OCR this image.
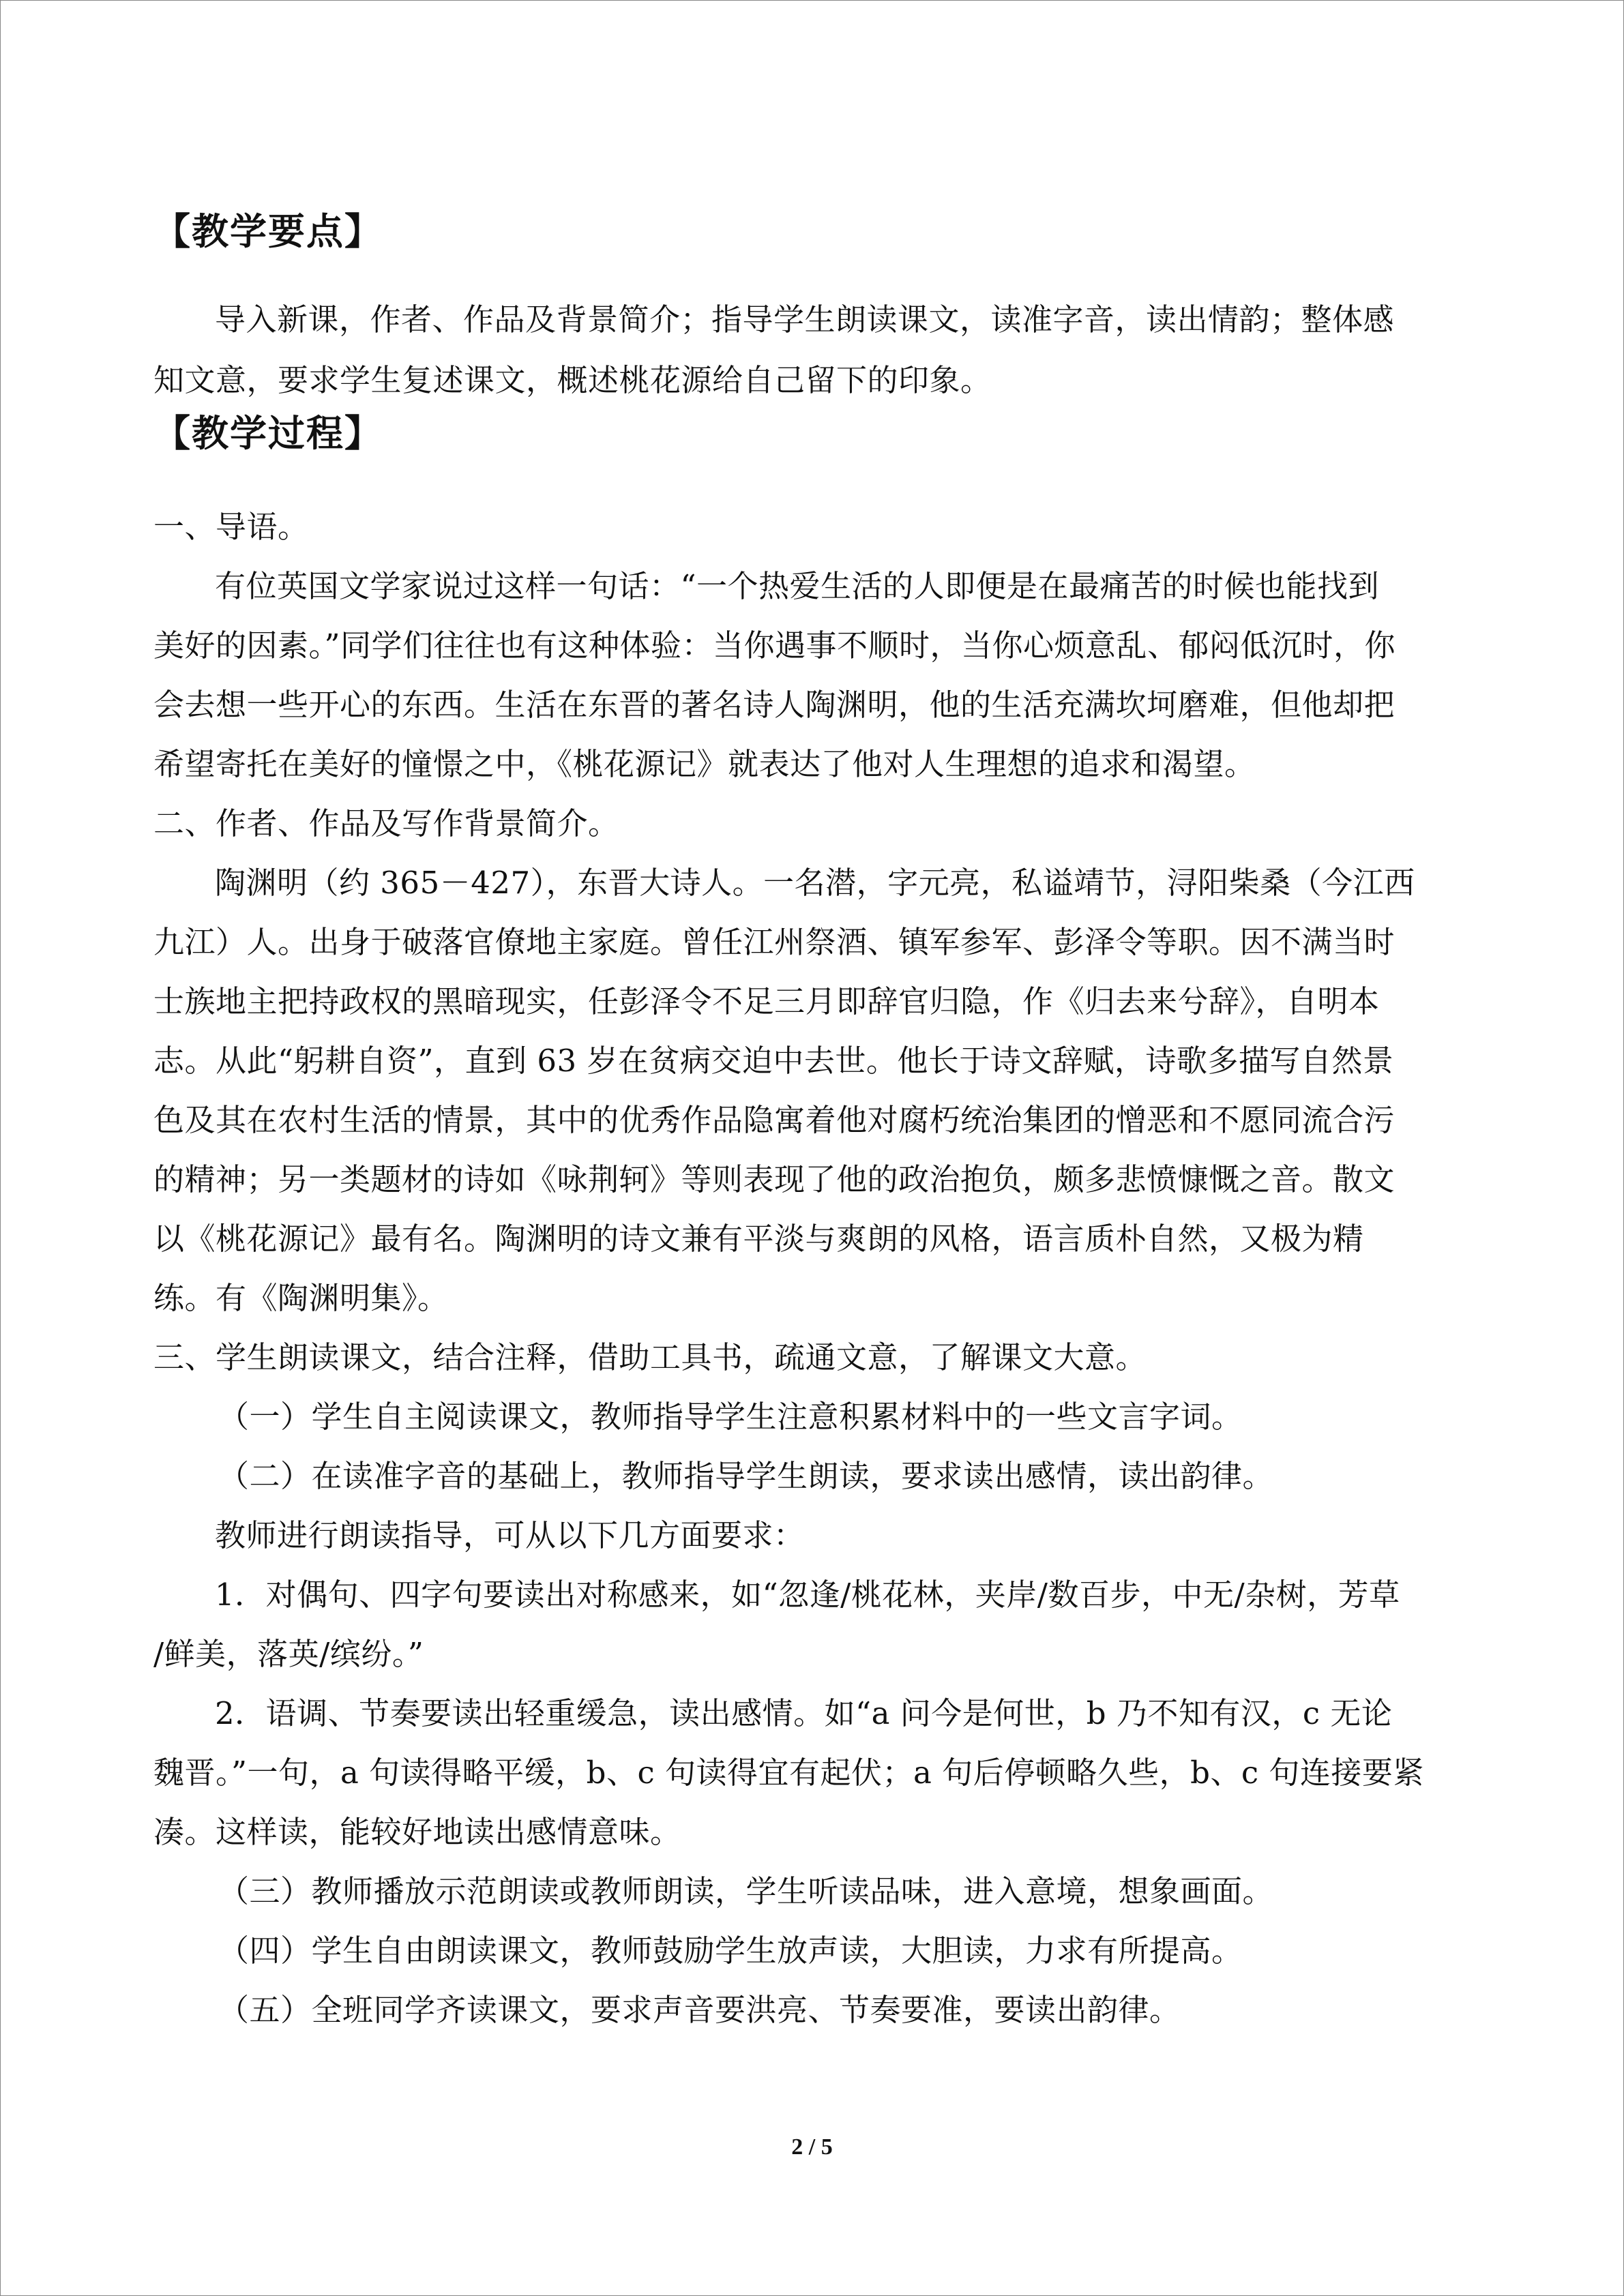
【教学要点】
导入新课，作者、作品及背景简介；指导学生朗读课文，读准字音，读出情韵；整体感
知文意，要求学生复述课文，概述桃花源给自己留下的印象。
【教学过程】
一、导语。
有位英国文学家说过这样一句话：“一个热爱生活的人即便是在最痛苦的时候也能找到
美好的因素。”同学们往往也有这种体验：当你遇事不顺时，当你心烦意乱、郁闷低沉时，你
会去想一些开心的东西。生活在东晋的著名诗人陶渊明，他的生活充满坎坷磨难，但他却把
希望寄托在美好的憧憬之中，《桃花源记》就表达了他对人生理想的追求和渴望。
二、作者、作品及写作背景简介。
陶渊明（约 365－427），东晋大诗人。一名潜，字元亮，私谥靖节，浔阳柴桑（今江西
九江）人。出身于破落官僚地主家庭。曾任江州祭酒、镇军参军、彭泽令等职。因不满当时
士族地主把持政权的黑暗现实，任彭泽令不足三月即辞官归隐，作《归去来兮辞》，自明本
志。从此“躬耕自资”，直到 63 岁在贫病交迫中去世。他长于诗文辞赋，诗歌多描写自然景
色及其在农村生活的情景，其中的优秀作品隐寓着他对腐朽统治集团的憎恶和不愿同流合污
的精神；另一类题材的诗如《咏荆轲》等则表现了他的政治抱负，颇多悲愤慷慨之音。散文
以《桃花源记》最有名。陶渊明的诗文兼有平淡与爽朗的风格，语言质朴自然，又极为精
练。有《陶渊明集》。
三、学生朗读课文，结合注释，借助工具书，疏通文意，了解课文大意。
（一）学生自主阅读课文，教师指导学生注意积累材料中的一些文言字词。
（二）在读准字音的基础上，教师指导学生朗读，要求读出感情，读出韵律。
教师进行朗读指导，可从以下几方面要求：
1．对偶句、四字句要读出对称感来，如“忽逢/桃花林，夹岸/数百步，中无/杂树，芳草
/鲜美，落英/缤纷。”
2．语调、节奏要读出轻重缓急，读出感情。如“a 问今是何世，b 乃不知有汉，c 无论
魏晋。”一句，a 句读得略平缓，b、c 句读得宜有起伏；a 句后停顿略久些，b、c 句连接要紧
凑。这样读，能较好地读出感情意味。
（三）教师播放示范朗读或教师朗读，学生听读品味，进入意境，想象画面。
（四）学生自由朗读课文，教师鼓励学生放声读，大胆读，力求有所提高。
（五）全班同学齐读课文，要求声音要洪亮、节奏要准，要读出韵律。
2 / 5
